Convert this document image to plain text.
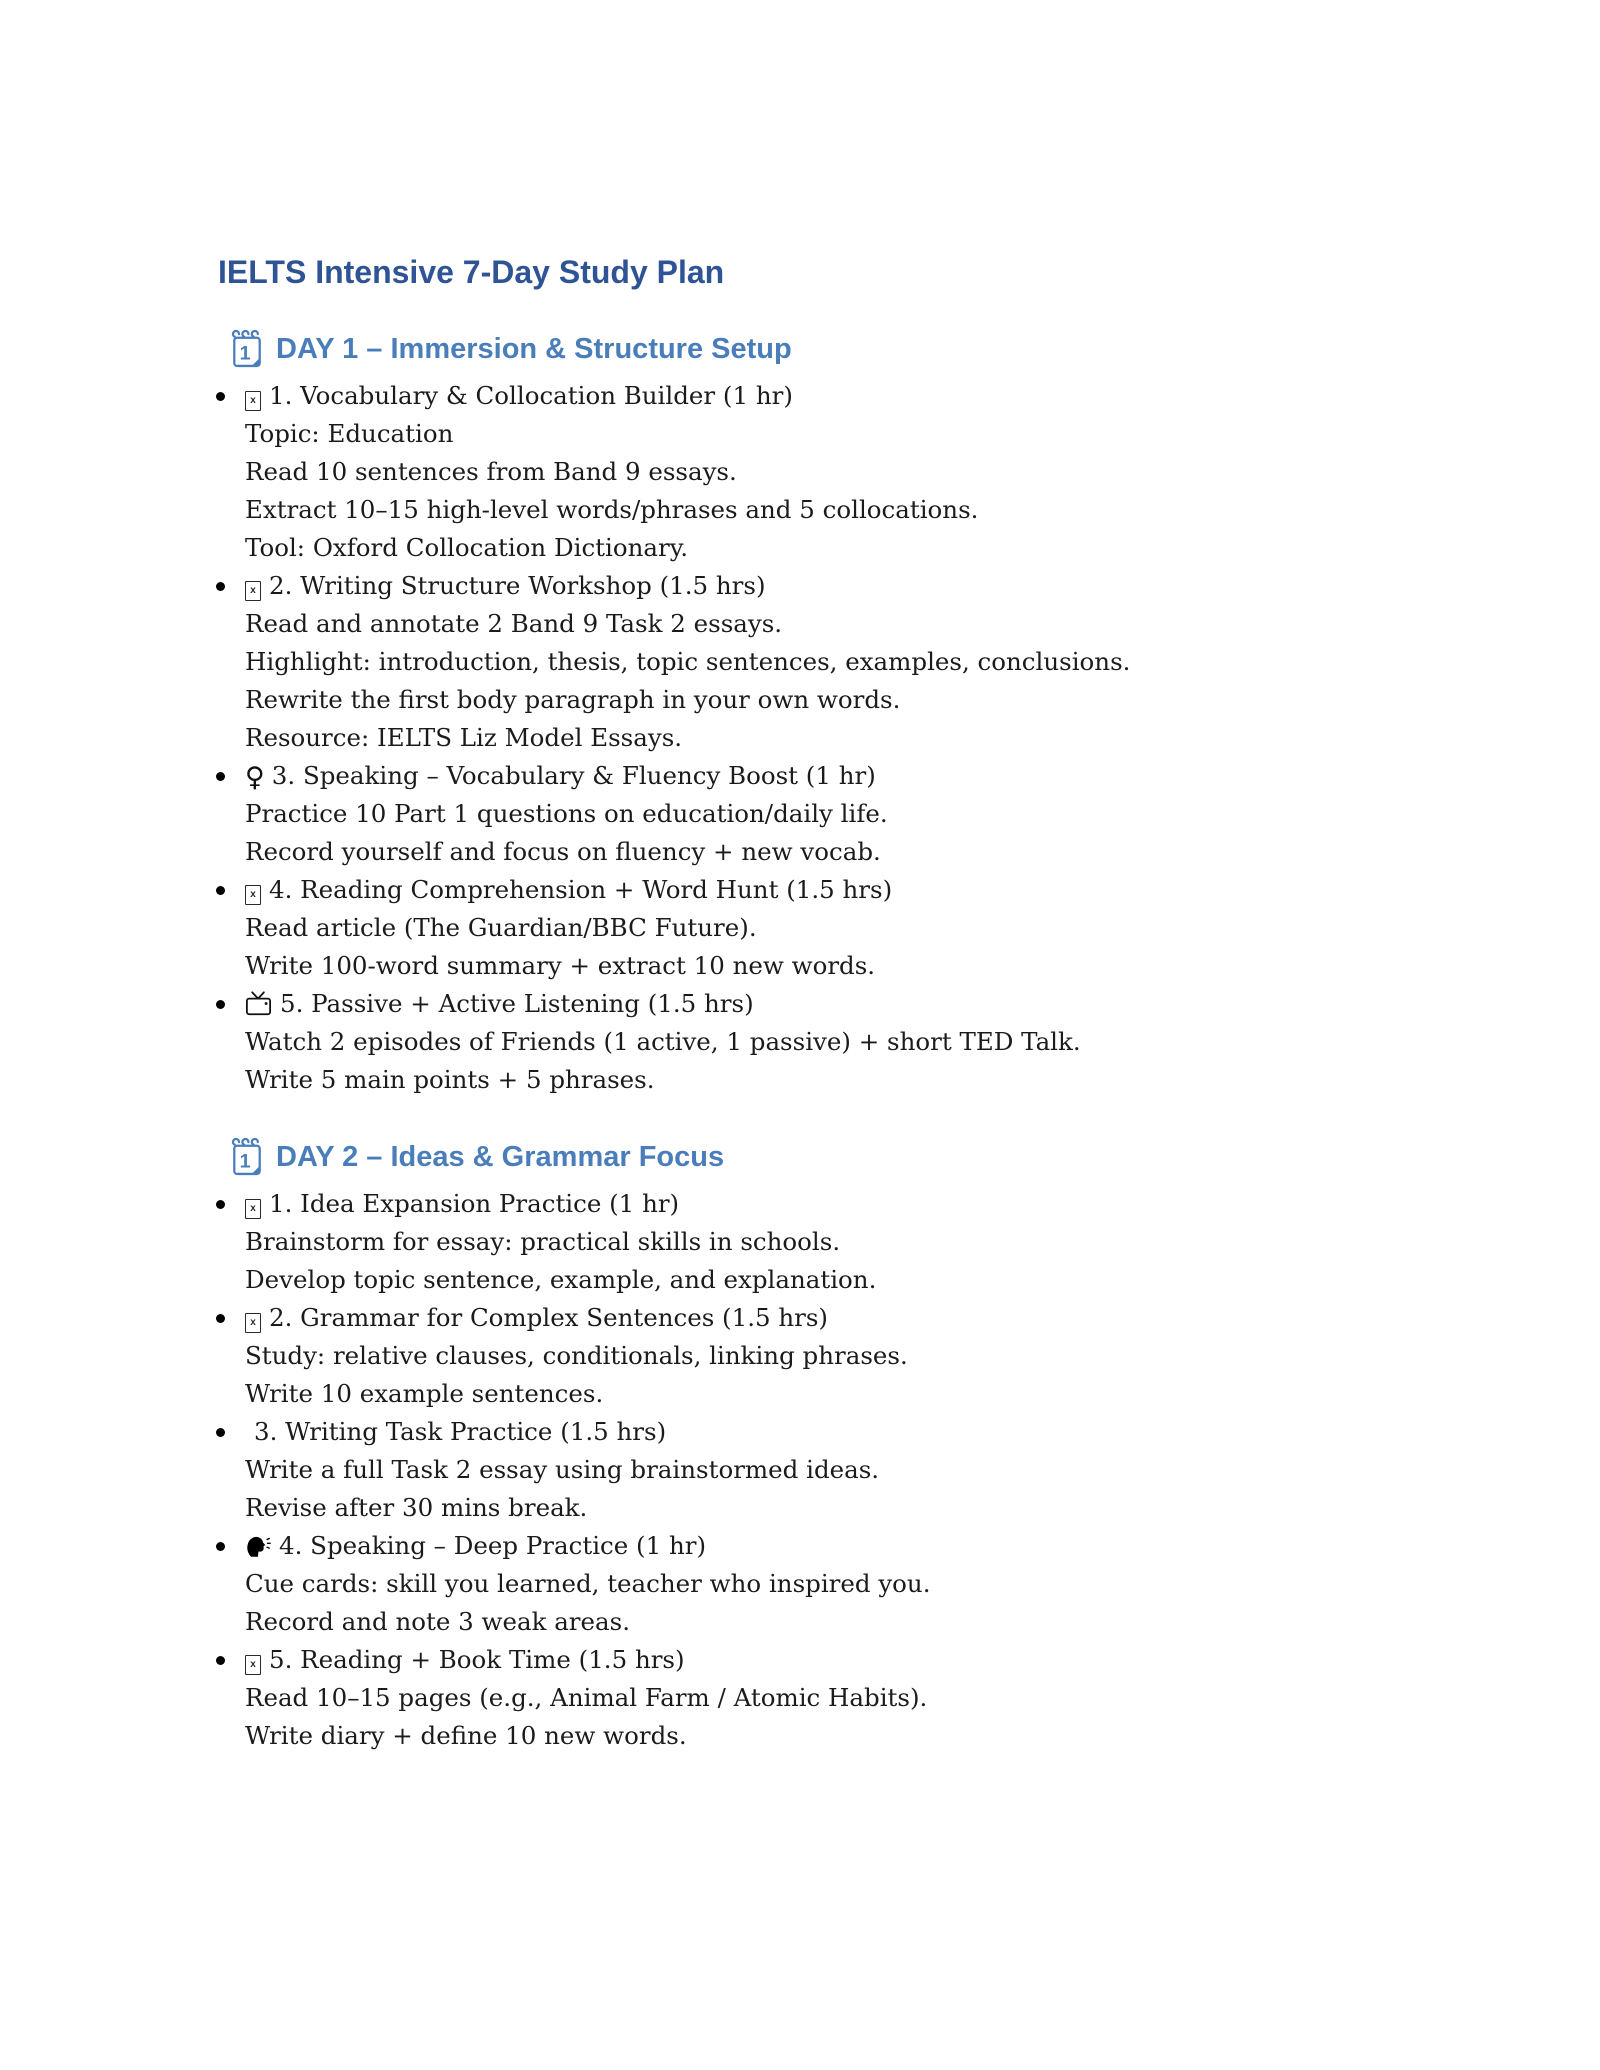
IELTS Intensive 7-Day Study Plan
1 DAY 1 – Immersion & Structure Setup
x 1. Vocabulary & Collocation Builder (1 hr)
Topic: Education
Read 10 sentences from Band 9 essays.
Extract 10–15 high-level words/phrases and 5 collocations.
Tool: Oxford Collocation Dictionary.
x 2. Writing Structure Workshop (1.5 hrs)
Read and annotate 2 Band 9 Task 2 essays.
Highlight: introduction, thesis, topic sentences, examples, conclusions.
Rewrite the first body paragraph in your own words.
Resource: IELTS Liz Model Essays.
♀ 3. Speaking – Vocabulary & Fluency Boost (1 hr)
Practice 10 Part 1 questions on education/daily life.
Record yourself and focus on fluency + new vocab.
x 4. Reading Comprehension + Word Hunt (1.5 hrs)
Read article (The Guardian/BBC Future).
Write 100-word summary + extract 10 new words.
5. Passive + Active Listening (1.5 hrs)
Watch 2 episodes of Friends (1 active, 1 passive) + short TED Talk.
Write 5 main points + 5 phrases.
1 DAY 2 – Ideas & Grammar Focus
x 1. Idea Expansion Practice (1 hr)
Brainstorm for essay: practical skills in schools.
Develop topic sentence, example, and explanation.
x 2. Grammar for Complex Sentences (1.5 hrs)
Study: relative clauses, conditionals, linking phrases.
Write 10 example sentences.
3. Writing Task Practice (1.5 hrs)
Write a full Task 2 essay using brainstormed ideas.
Revise after 30 mins break.
4. Speaking – Deep Practice (1 hr)
Cue cards: skill you learned, teacher who inspired you.
Record and note 3 weak areas.
x 5. Reading + Book Time (1.5 hrs)
Read 10–15 pages (e.g., Animal Farm / Atomic Habits).
Write diary + define 10 new words.
